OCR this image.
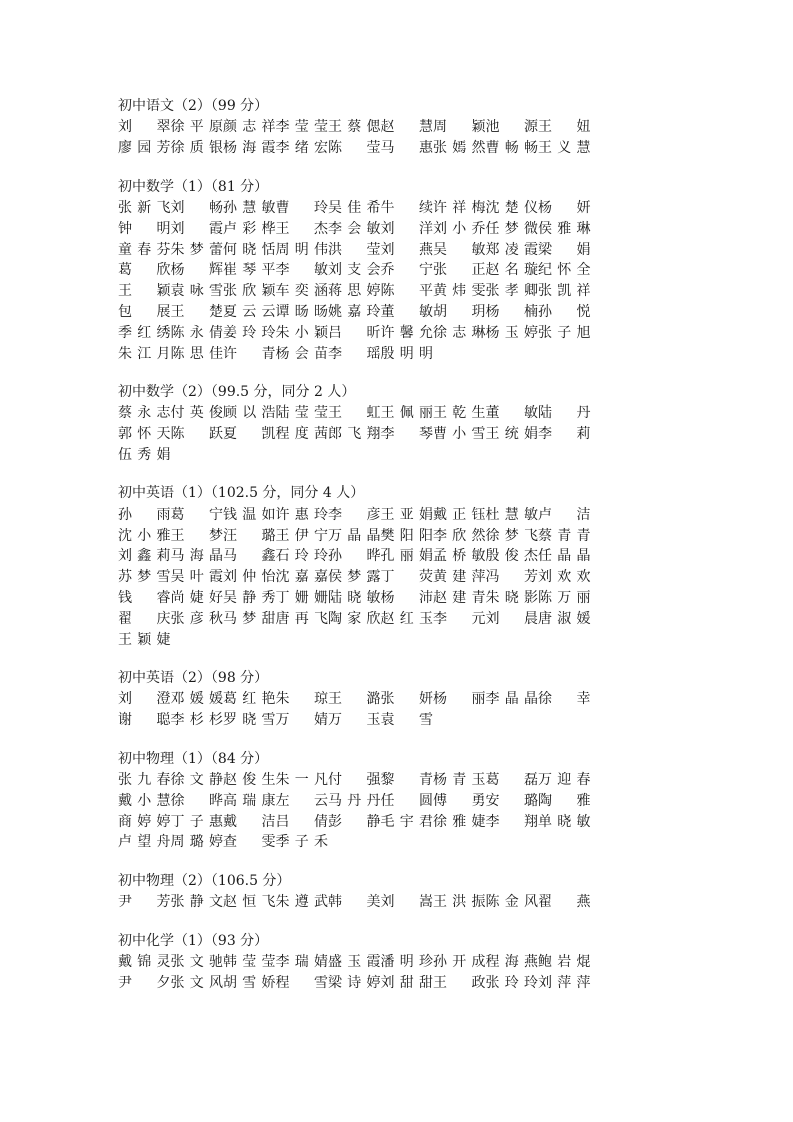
初中语文（2）（99 分）
刘 翠 徐 平 原 颜 志 祥 李 莹 莹 王 蔡 偲 赵 慧 周 颖 池 源 王 妞
廖 园 芳 徐 质 银 杨 海 霞 李 绪 宏 陈 莹 马 惠 张 嫣 然 曹 畅 畅 王 义 慧
初中数学（1）（81 分）
张 新 飞 刘 畅 孙 慧 敏 曹 玲 吴 佳 希 牛 续 许 祥 梅 沈 楚 仪 杨 妍
钟 明 刘 霞 卢 彩 桦 王 杰 李 会 敏 刘 洋 刘 小 乔 任 梦 微 侯 雅 琳
童 春 芬 朱 梦 蕾 何 晓 恬 周 明 伟 洪 莹 刘 燕 吴 敏 郑 凌 霞 梁 娟
葛 欣 杨 辉 崔 琴 平 李 敏 刘 支 会 乔 宁 张 正 赵 名 璇 纪 怀 全
王 颖 袁 咏 雪 张 欣 颖 车 奕 涵 蒋 思 婷 陈 平 黄 炜 雯 张 孝 卿 张 凯 祥
包 展 王 楚 夏 云 云 谭 旸 旸 姚 嘉 玲 董 敏 胡 玥 杨 楠 孙 悦
季 红 绣 陈 永 倩 姜 玲 玲 朱 小 颖 吕 昕 许 馨 允 徐 志 琳 杨 玉 婷 张 子 旭
朱 江 月 陈 思 佳 许 青 杨 会 苗 李 瑶 殷 明 明
初中数学（2）（99.5 分，同分 2 人）
蔡 永 志 付 英 俊 顾 以 浩 陆 莹 莹 王 虹 王 佩 丽 王 乾 生 董 敏 陆 丹
郭 怀 天 陈 跃 夏 凯 程 度 茜 郎 飞 翔 李 琴 曹 小 雪 王 统 娟 李 莉
伍 秀 娟
初中英语（1）（102.5 分，同分 4 人）
孙 雨 葛 宁 钱 温 如 许 惠 玲 李 彦 王 亚 娟 戴 正 钰 杜 慧 敏 卢 洁
沈 小 雅 王 梦 汪 璐 王 伊 宁 万 晶 晶 樊 阳 阳 李 欣 然 徐 梦 飞 蔡 青 青
刘 鑫 莉 马 海 晶 马 鑫 石 玲 玲 孙 晔 孔 丽 娟 孟 桥 敏 殷 俊 杰 任 晶 晶
苏 梦 雪 吴 叶 霞 刘 仲 怡 沈 嘉 嘉 侯 梦 露 丁 荧 黄 建 萍 冯 芳 刘 欢 欢
钱 睿 尚 婕 好 吴 静 秀 丁 姗 姗 陆 晓 敏 杨 沛 赵 建 青 朱 晓 影 陈 万 丽
翟 庆 张 彦 秋 马 梦 甜 唐 再 飞 陶 家 欣 赵 红 玉 李 元 刘 晨 唐 淑 媛
王 颖 婕
初中英语（2）（98 分）
刘 澄 邓 媛 媛 葛 红 艳 朱 琼 王 潞 张 妍 杨 丽 李 晶 晶 徐 幸
谢 聪 李 杉 杉 罗 晓 雪 万 婧 万 玉 袁 雪
初中物理（1）（84 分）
张 九 春 徐 文 静 赵 俊 生 朱 一 凡 付 强 黎 青 杨 青 玉 葛 磊 万 迎 春
戴 小 慧 徐 晔 高 瑞 康 左 云 马 丹 丹 任 圆 傅 勇 安 璐 陶 雅
商 婷 婷 丁 子 惠 戴 洁 吕 倩 彭 静 毛 宇 君 徐 雅 婕 李 翔 单 晓 敏
卢 望 舟 周 璐 婷 查 雯 季 子 禾
初中物理（2）（106.5 分）
尹 芳 张 静 文 赵 恒 飞 朱 遵 武 韩 美 刘 嵩 王 洪 振 陈 金 风 翟 燕
初中化学（1）（93 分）
戴 锦 灵 张 文 驰 韩 莹 莹 李 瑞 婧 盛 玉 霞 潘 明 珍 孙 开 成 程 海 燕 鲍 岩 焜
尹 夕 张 文 风 胡 雪 娇 程 雪 梁 诗 婷 刘 甜 甜 王 政 张 玲 玲 刘 萍 萍
